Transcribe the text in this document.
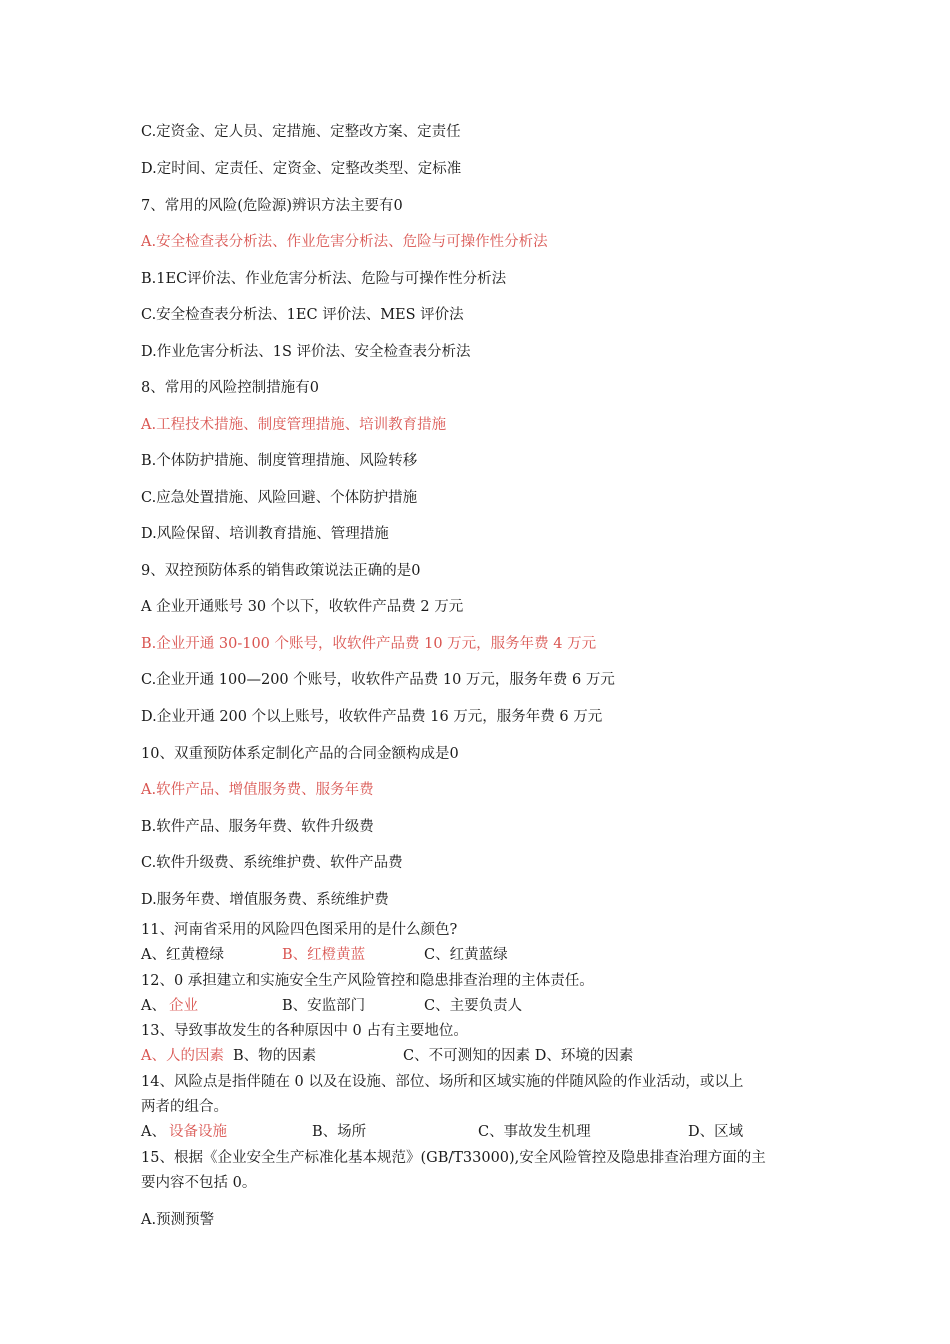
C.定资金、定人员、定措施、定整改方案、定责任
D.定时间、定责任、定资金、定整改类型、定标准
7、常用的风险(危险源)辨识方法主要有0
A.安全检查表分析法、作业危害分析法、危险与可操作性分析法
B.1EC评价法、作业危害分析法、危险与可操作性分析法
C.安全检查表分析法、1EC 评价法、MES 评价法
D.作业危害分析法、1S 评价法、安全检查表分析法
8、常用的风险控制措施有0
A.工程技术措施、制度管理措施、培训教育措施
B.个体防护措施、制度管理措施、风险转移
C.应急处置措施、风险回避、个体防护措施
D.风险保留、培训教育措施、管理措施
9、双控预防体系的销售政策说法正确的是0
A 企业开通账号 30 个以下，收软件产品费 2 万元
B.企业开通 30-100 个账号，收软件产品费 10 万元，服务年费 4 万元
C.企业开通 100—200 个账号，收软件产品费 10 万元，服务年费 6 万元
D.企业开通 200 个以上账号，收软件产品费 16 万元，服务年费 6 万元
10、双重预防体系定制化产品的合同金额构成是0
A.软件产品、增值服务费、服务年费
B.软件产品、服务年费、软件升级费
C.软件升级费、系统维护费、软件产品费
D.服务年费、增值服务费、系统维护费
11、河南省采用的风险四色图采用的是什么颜色?
A、红黄橙绿	B、红橙黄蓝	C、红黄蓝绿
12、0 承担建立和实施安全生产风险管控和隐患排查治理的主体责任。
A、 企业	B、安监部门	C、主要负责人
13、导致事故发生的各种原因中 0 占有主要地位。
A、人的因素 B、物的因素	C、不可测知的因素 D、环境的因素
14、风险点是指伴随在 0 以及在设施、部位、场所和区域实施的伴随风险的作业活动，或以上
两者的组合。
A、 设备设施	B、场所	C、事故发生机理	D、区域
15、根据《企业安全生产标准化基本规范》(GB/T33000),安全风险管控及隐患排查治理方面的主
要内容不包括 0。
A.预测预警
